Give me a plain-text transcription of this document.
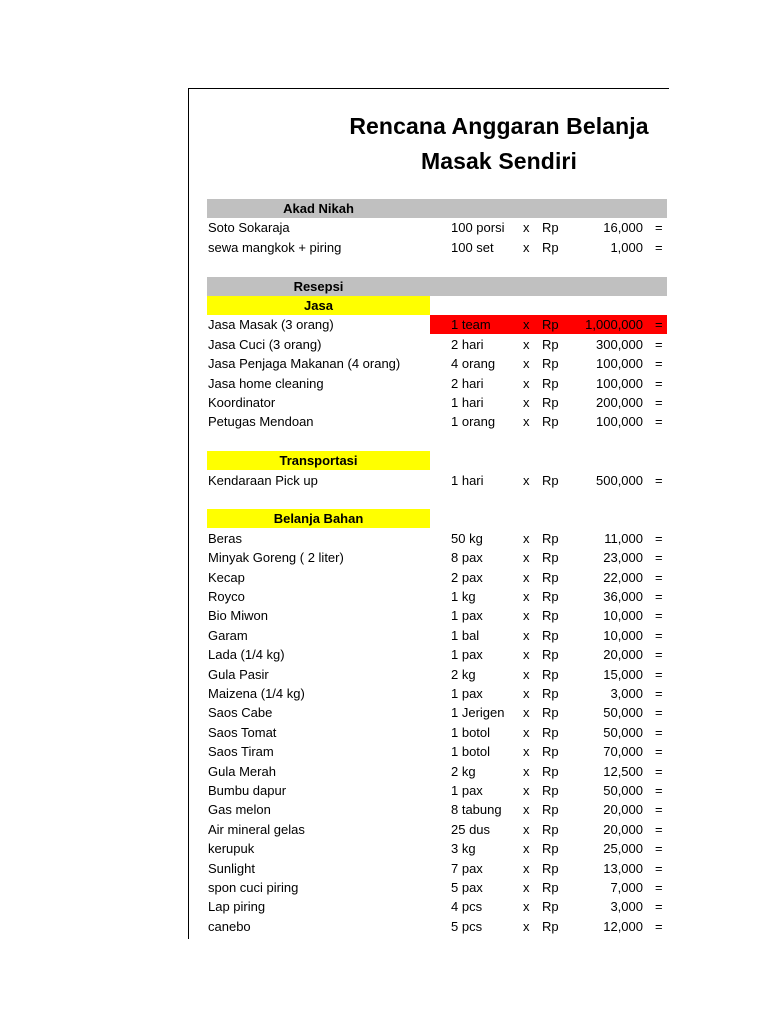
Rencana Anggaran Belanja
Masak Sendiri
Akad Nikah
Soto Sokaraja	100 porsi x Rp	16,000 =
sewa mangkok + piring	100 set x Rp	1,000 =
Resepsi
Jasa
Jasa Masak (3 orang)	1 team x Rp	1,000,000 =
Jasa Cuci (3 orang)	2 hari	x Rp	300,000 =
Jasa Penjaga Makanan (4 orang)	4 orang x Rp	100,000 =
Jasa home cleaning	2 hari	x Rp	100,000 =
Koordinator	1 hari	x Rp	200,000 =
Petugas Mendoan	1 orang x Rp	100,000 =
Transportasi
Kendaraan Pick up	1 hari	x Rp	500,000 =
Belanja Bahan
Beras	50 kg	x Rp	11,000 =
Minyak Goreng ( 2 liter)	8 pax	x Rp	23,000 =
Kecap	2 pax	x Rp	22,000 =
Royco	1 kg	x Rp	36,000 =
Bio Miwon	1 pax	x Rp	10,000 =
Garam	1 bal	x Rp	10,000 =
Lada (1/4 kg)	1 pax	x Rp	20,000 =
Gula Pasir	2 kg	x Rp	15,000 =
Maizena (1/4 kg)	1 pax	x Rp	3,000 =
Saos Cabe	1 Jerigen x Rp	50,000 =
Saos Tomat	1 botol	x Rp	50,000 =
Saos Tiram	1 botol	x Rp	70,000 =
Gula Merah	2 kg	x Rp	12,500 =
Bumbu dapur	1 pax	x Rp	50,000 =
Gas melon	8 tabung x Rp	20,000 =
Air mineral gelas	25 dus	x Rp	20,000 =
kerupuk	3 kg	x Rp	25,000 =
Sunlight	7 pax	x Rp	13,000 =
spon cuci piring	5 pax	x Rp	7,000 =
Lap piring	4 pcs	x Rp	3,000 =
canebo	5 pcs	x Rp	12,000 =
